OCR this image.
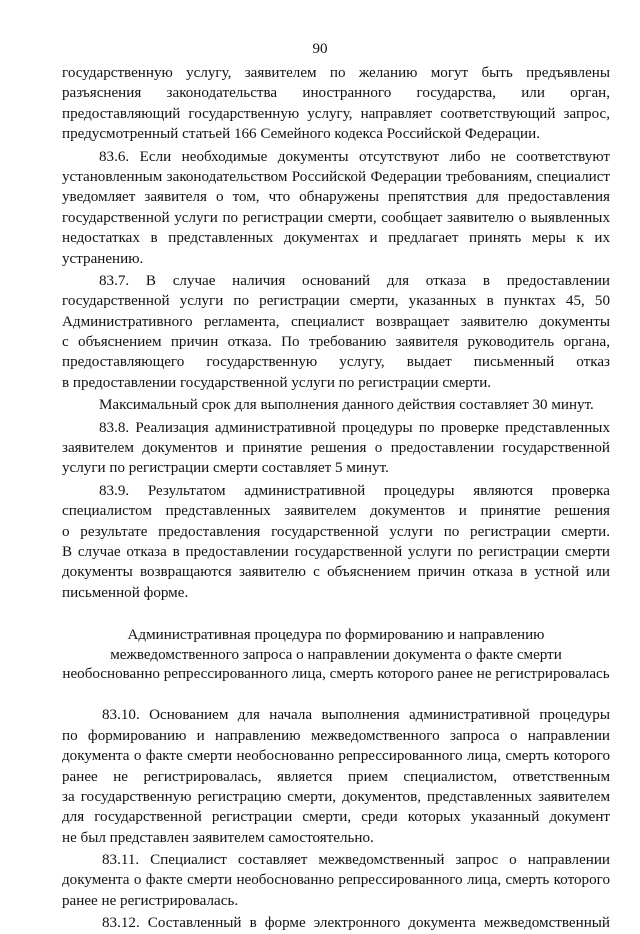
90
государственную услугу, заявителем по желанию могут быть предъявлены
разъяснения законодательства иностранного государства, или орган,
предоставляющий государственную услугу, направляет соответствующий запрос,
предусмотренный статьей 166 Семейного кодекса Российской Федерации.
83.6. Если необходимые документы отсутствуют либо не соответствуют
установленным законодательством Российской Федерации требованиям, специалист
уведомляет заявителя о том, что обнаружены препятствия для предоставления
государственной услуги по регистрации смерти, сообщает заявителю о выявленных
недостатках в представленных документах и предлагает принять меры к их
устранению.
83.7. В случае наличия оснований для отказа в предоставлении
государственной услуги по регистрации смерти, указанных в пунктах 45, 50
Административного регламента, специалист возвращает заявителю документы
с объяснением причин отказа. По требованию заявителя руководитель органа,
предоставляющего государственную услугу, выдает письменный отказ
в предоставлении государственной услуги по регистрации смерти.
Максимальный срок для выполнения данного действия составляет 30 минут.
83.8. Реализация административной процедуры по проверке представленных
заявителем документов и принятие решения о предоставлении государственной
услуги по регистрации смерти составляет 5 минут.
83.9. Результатом административной процедуры являются проверка
специалистом представленных заявителем документов и принятие решения
о результате предоставления государственной услуги по регистрации смерти.
В случае отказа в предоставлении государственной услуги по регистрации смерти
документы возвращаются заявителю с объяснением причин отказа в устной или
письменной форме.
Административная процедура по формированию и направлению
межведомственного запроса о направлении документа о факте смерти
необоснованно репрессированного лица, смерть которого ранее не регистрировалась
83.10. Основанием для начала выполнения административной процедуры
по формированию и направлению межведомственного запроса о направлении
документа о факте смерти необоснованно репрессированного лица, смерть которого
ранее не регистрировалась, является прием специалистом, ответственным
за государственную регистрацию смерти, документов, представленных заявителем
для государственной регистрации смерти, среди которых указанный документ
не был представлен заявителем самостоятельно.
83.11. Специалист составляет межведомственный запрос о направлении
документа о факте смерти необоснованно репрессированного лица, смерть которого
ранее не регистрировалась.
83.12. Составленный в форме электронного документа межведомственный
